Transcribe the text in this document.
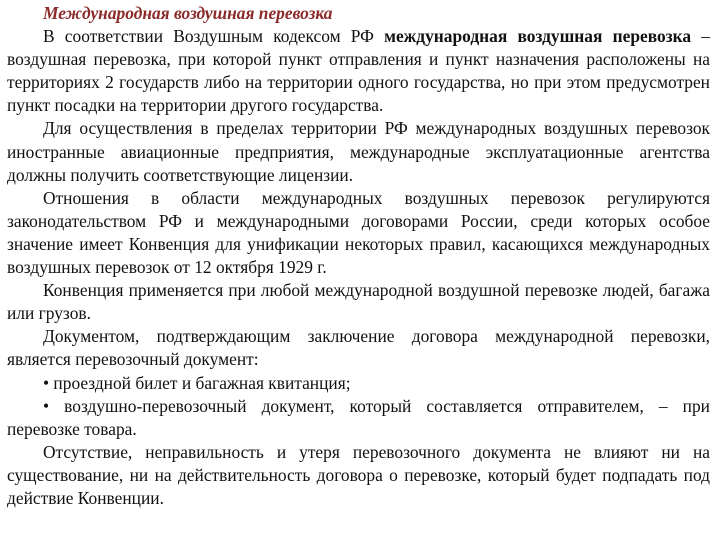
Международная воздушная перевозка

В соответствии Воздушным кодексом РФ международная воздушная перевозка – воздушная перевозка, при которой пункт отправления и пункт назначения расположены на территориях 2 государств либо на территории одного государства, но при этом предусмотрен пункт посадки на территории другого государства.

Для осуществления в пределах территории РФ международных воздушных перевозок иностранные авиационные предприятия, международные эксплуатационные агентства должны получить соответствующие лицензии.

Отношения в области международных воздушных перевозок регулируются законодательством РФ и международными договорами России, среди которых особое значение имеет Конвенция для унификации некоторых правил, касающихся международных воздушных перевозок от 12 октября 1929 г.

Конвенция применяется при любой международной воздушной перевозке людей, багажа или грузов.

Документом, подтверждающим заключение договора международной перевозки, является перевозочный документ:

• проездной билет и багажная квитанция;

• воздушно-перевозочный документ, который составляется отправителем, – при перевозке товара.

Отсутствие, неправильность и утеря перевозочного документа не влияют ни на существование, ни на действительность договора о перевозке, который будет подпадать под действие Конвенции.
